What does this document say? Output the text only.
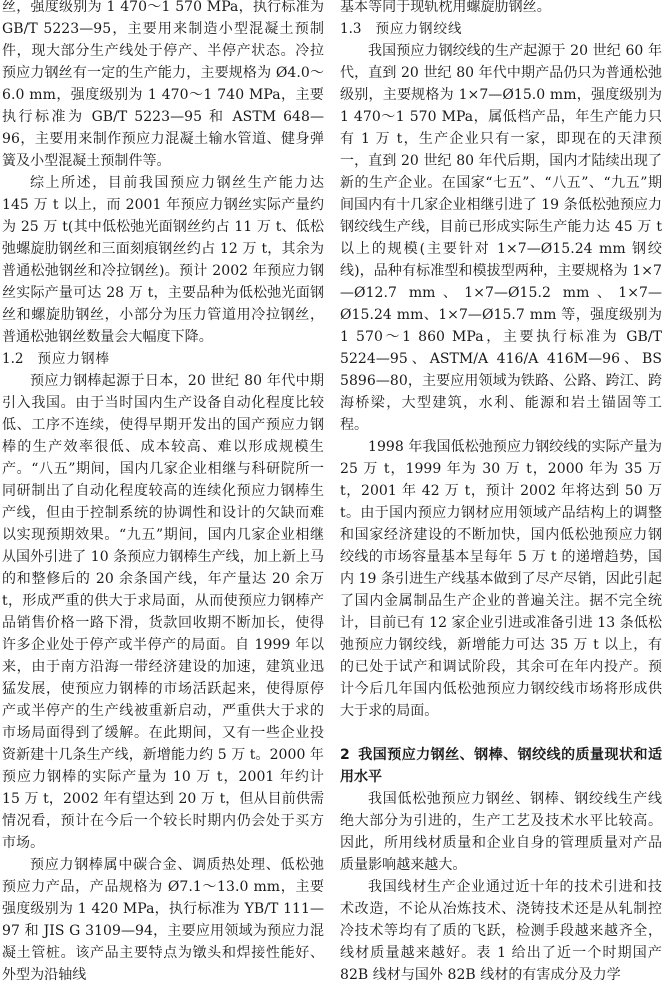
丝，强度级别为 1 470～1 570 MPa，执行标准为 GB/T 5223—95，主要用来制造小型混凝土预制件，现大部分生产线处于停产、半停产状态。冷拉预应力钢丝有一定的生产能力，主要规格为 Ø4.0～6.0 mm，强度级别为 1 470～1 740 MPa，主要执行标准为 GB/T 5223—95 和 ASTM 648—96，主要用来制作预应力混凝土输水管道、健身弹簧及小型混凝土预制件等。

综上所述，目前我国预应力钢丝生产能力达 145 万 t 以上，而 2001 年预应力钢丝实际产量约为 25 万 t(其中低松弛光面钢丝约占 11 万 t、低松弛螺旋肋钢丝和三面刻痕钢丝约占 12 万 t，其余为普通松弛钢丝和冷拉钢丝)。预计 2002 年预应力钢丝实际产量可达 28 万 t，主要品种为低松弛光面钢丝和螺旋肋钢丝，小部分为压力管道用冷拉钢丝，普通松弛钢丝数量会大幅度下降。

1.2 预应力钢棒

预应力钢棒起源于日本，20 世纪 80 年代中期引入我国。由于当时国内生产设备自动化程度比较低、工序不连续，使得早期开发出的国产预应力钢棒的生产效率很低、成本较高、难以形成规模生产。“八五”期间，国内几家企业相继与科研院所一同研制出了自动化程度较高的连续化预应力钢棒生产线，但由于控制系统的协调性和设计的欠缺而难以实现预期效果。“九五”期间，国内几家企业相继从国外引进了 10 条预应力钢棒生产线，加上新上马的和整修后的 20 余条国产线，年产量达 20 余万 t，形成严重的供大于求局面，从而使预应力钢棒产品销售价格一路下滑，货款回收期不断加长，使得许多企业处于停产或半停产的局面。自 1999 年以来，由于南方沿海一带经济建设的加速，建筑业迅猛发展，使预应力钢棒的市场活跃起来，使得原停产或半停产的生产线被重新启动，严重供大于求的市场局面得到了缓解。在此期间，又有一些企业投资新建十几条生产线，新增能力约 5 万 t。2000 年预应力钢棒的实际产量为 10 万 t，2001 年约计 15 万 t，2002 年有望达到 20 万 t，但从目前供需情况看，预计在今后一个较长时期内仍会处于买方市场。

预应力钢棒属中碳合金、调质热处理、低松弛预应力产品，产品规格为 Ø7.1～13.0 mm，主要强度级别为 1 420 MPa，执行标准为 YB/T 111—97 和 JIS G 3109—94，主要应用领域为预应力混凝土管桩。该产品主要特点为镦头和焊接性能好、外型为沿轴线

基本等同于现轨枕用螺旋肋钢丝。

1.3 预应力钢绞线

我国预应力钢绞线的生产起源于 20 世纪 60 年代，直到 20 世纪 80 年代中期产品仍只为普通松弛级别，主要规格为 1×7—Ø15.0 mm，强度级别为 1 470～1 570 MPa，属低档产品，年生产能力只有 1 万 t，生产企业只有一家，即现在的天津预一，直到 20 世纪 80 年代后期，国内才陆续出现了新的生产企业。在国家“七五”、“八五”、“九五”期间国内有十几家企业相继引进了 19 条低松弛预应力钢绞线生产线，目前已形成实际生产能力达 45 万 t 以上的规模(主要针对 1×7—Ø15.24 mm 钢绞线)，品种有标准型和模拔型两种，主要规格为 1×7—Ø12.7 mm、1×7—Ø15.2 mm、1×7—Ø15.24 mm、1×7—Ø15.7 mm 等，强度级别为 1 570～1 860 MPa，主要执行标准为 GB/T 5224—95、ASTM/A 416/A 416M—96、BS 5896—80，主要应用领域为铁路、公路、跨江、跨海桥梁，大型建筑，水利、能源和岩土锚固等工程。

1998 年我国低松弛预应力钢绞线的实际产量为 25 万 t，1999 年为 30 万 t，2000 年为 35 万 t，2001 年 42 万 t，预计 2002 年将达到 50 万 t。由于国内预应力钢材应用领域产品结构上的调整和国家经济建设的不断加快，国内低松弛预应力钢绞线的市场容量基本呈每年 5 万 t 的递增趋势，国内 19 条引进生产线基本做到了尽产尽销，因此引起了国内金属制品生产企业的普遍关注。据不完全统计，目前已有 12 家企业引进或准备引进 13 条低松弛预应力钢绞线，新增能力可达 35 万 t 以上，有的已处于试产和调试阶段，其余可在年内投产。预计今后几年国内低松弛预应力钢绞线市场将形成供大于求的局面。

2 我国预应力钢丝、钢棒、钢绞线的质量现状和适用水平

我国低松弛预应力钢丝、钢棒、钢绞线生产线绝大部分为引进的，生产工艺及技术水平比较高。因此，所用线材质量和企业自身的管理质量对产品质量影响越来越大。

我国线材生产企业通过近十年的技术引进和技术改造，不论从冶炼技术、浇铸技术还是从轧制控冷技术等均有了质的飞跃，检测手段越来越齐全，线材质量越来越好。表 1 给出了近一个时期国产 82B 线材与国外 82B 线材的有害成分及力学
